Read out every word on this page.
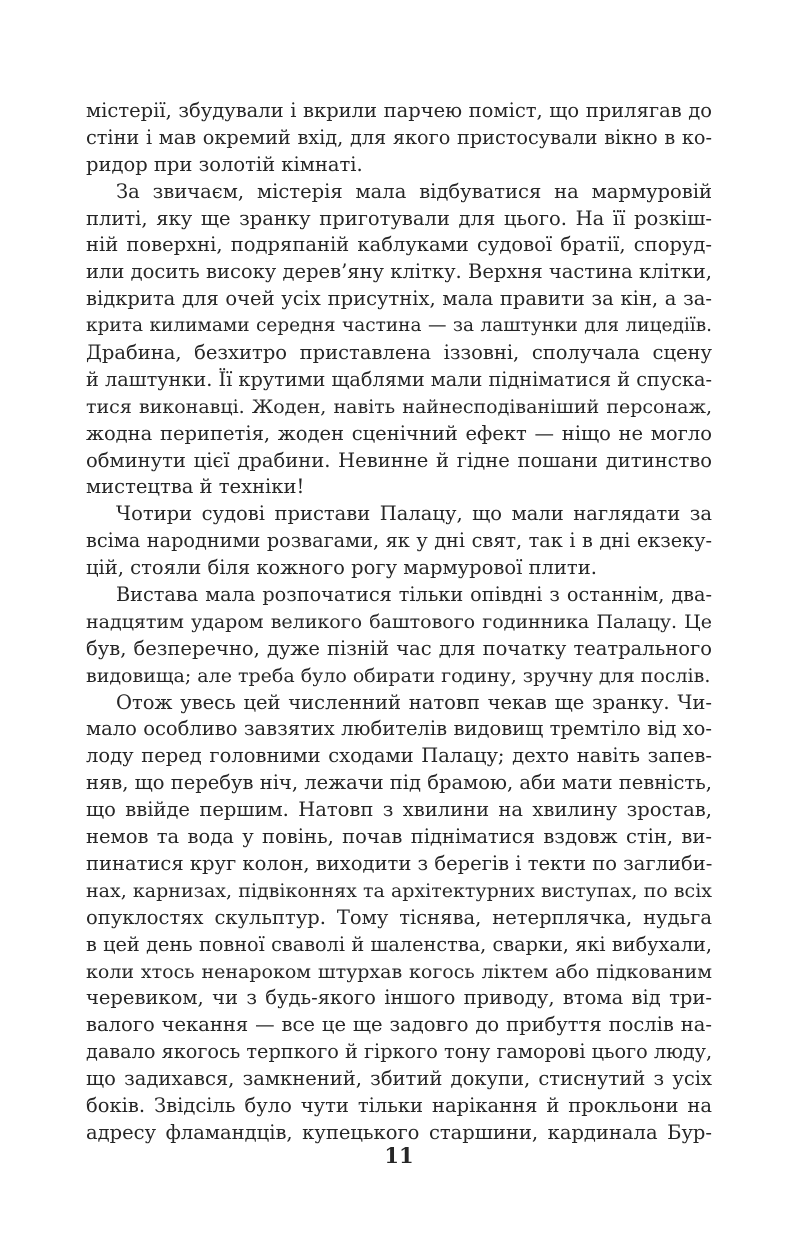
містерії, збудували і вкрили парчею поміст, що прилягав до
стіни і мав окремий вхід, для якого пристосували вікно в ко-
ридор при золотій кімнаті.
За звичаєм, містерія мала відбуватися на мармуровій
плиті, яку ще зранку приготували для цього. На її розкіш-
ній поверхні, подряпаній каблуками судової братії, споруд-
или досить високу дерев’яну клітку. Верхня частина клітки,
відкрита для очей усіх присутніх, мала правити за кін, а за-
крита килимами середня частина — за лаштунки для лицедіїв.
Драбина, безхитро приставлена іззовні, сполучала сцену
й лаштунки. Її крутими щаблями мали підніматися й спуска-
тися виконавці. Жоден, навіть найнесподіваніший персонаж,
жодна перипетія, жоден сценічний ефект — ніщо не могло
обминути цієї драбини. Невинне й гідне пошани дитинство
мистецтва й техніки!
Чотири судові пристави Палацу, що мали наглядати за
всіма народними розвагами, як у дні свят, так і в дні екзеку-
цій, стояли біля кожного рогу мармурової плити.
Вистава мала розпочатися тільки опівдні з останнім, два-
надцятим ударом великого баштового годинника Палацу. Це
був, безперечно, дуже пізній час для початку театрального
видовища; але треба було обирати годину, зручну для послів.
Отож увесь цей численний натовп чекав ще зранку. Чи-
мало особливо завзятих любителів видовищ тремтіло від хо-
лоду перед головними сходами Палацу; дехто навіть запев-
няв, що перебув ніч, лежачи під брамою, аби мати певність,
що ввійде першим. Натовп з хвилини на хвилину зростав,
немов та вода у повінь, почав підніматися вздовж стін, ви-
пинатися круг колон, виходити з берегів і текти по заглиби-
нах, карнизах, підвіконнях та архітектурних виступах, по всіх
опуклостях скульптур. Тому тіснява, нетерплячка, нудьга
в цей день повної сваволі й шаленства, сварки, які вибухали,
коли хтось ненароком штурхав когось ліктем або підкованим
черевиком, чи з будь-якого іншого приводу, втома від три-
валого чекання — все це ще задовго до прибуття послів на-
давало якогось терпкого й гіркого тону гаморові цього люду,
що задихався, замкнений, збитий докупи, стиснутий з усіх
боків. Звідсіль було чути тільки нарікання й прокльони на
адресу фламандців, купецького старшини, кардинала Бур-
11
